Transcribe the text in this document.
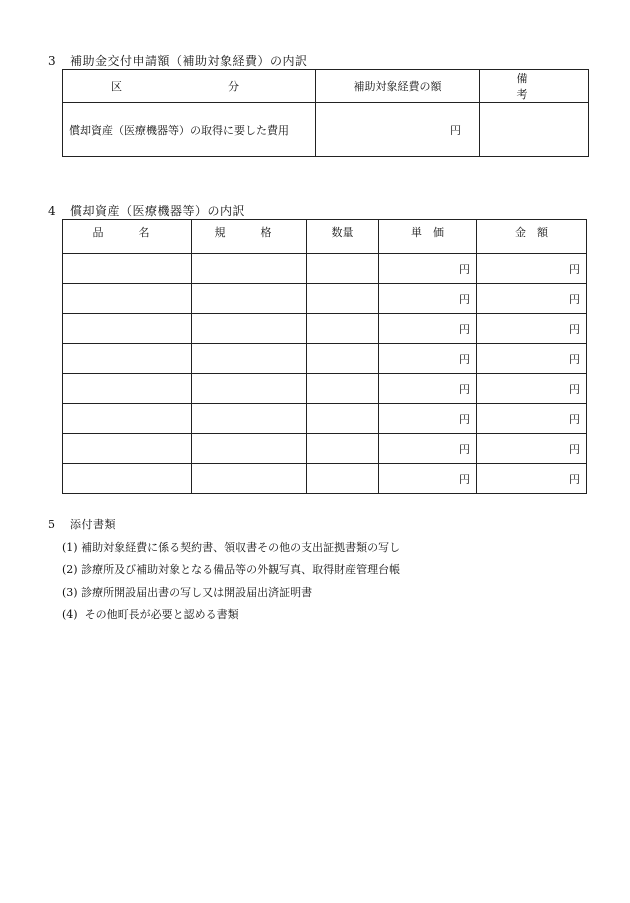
3 補助金交付申請額（補助対象経費）の内訳
区　　分	補助対象経費の額	備　　考
償却資産（医療機器等）の取得に要した費用	円	
4 償却資産（医療機器等）の内訳
品　名	規　格	数量	単　価	金　額
			円	円
			円	円
			円	円
			円	円
			円	円
			円	円
			円	円
			円	円
5 添付書類
(1) 補助対象経費に係る契約書、領収書その他の支出証拠書類の写し
(2) 診療所及び補助対象となる備品等の外観写真、取得財産管理台帳
(3) 診療所開設届出書の写し又は開設届出済証明書
(4) その他町長が必要と認める書類
